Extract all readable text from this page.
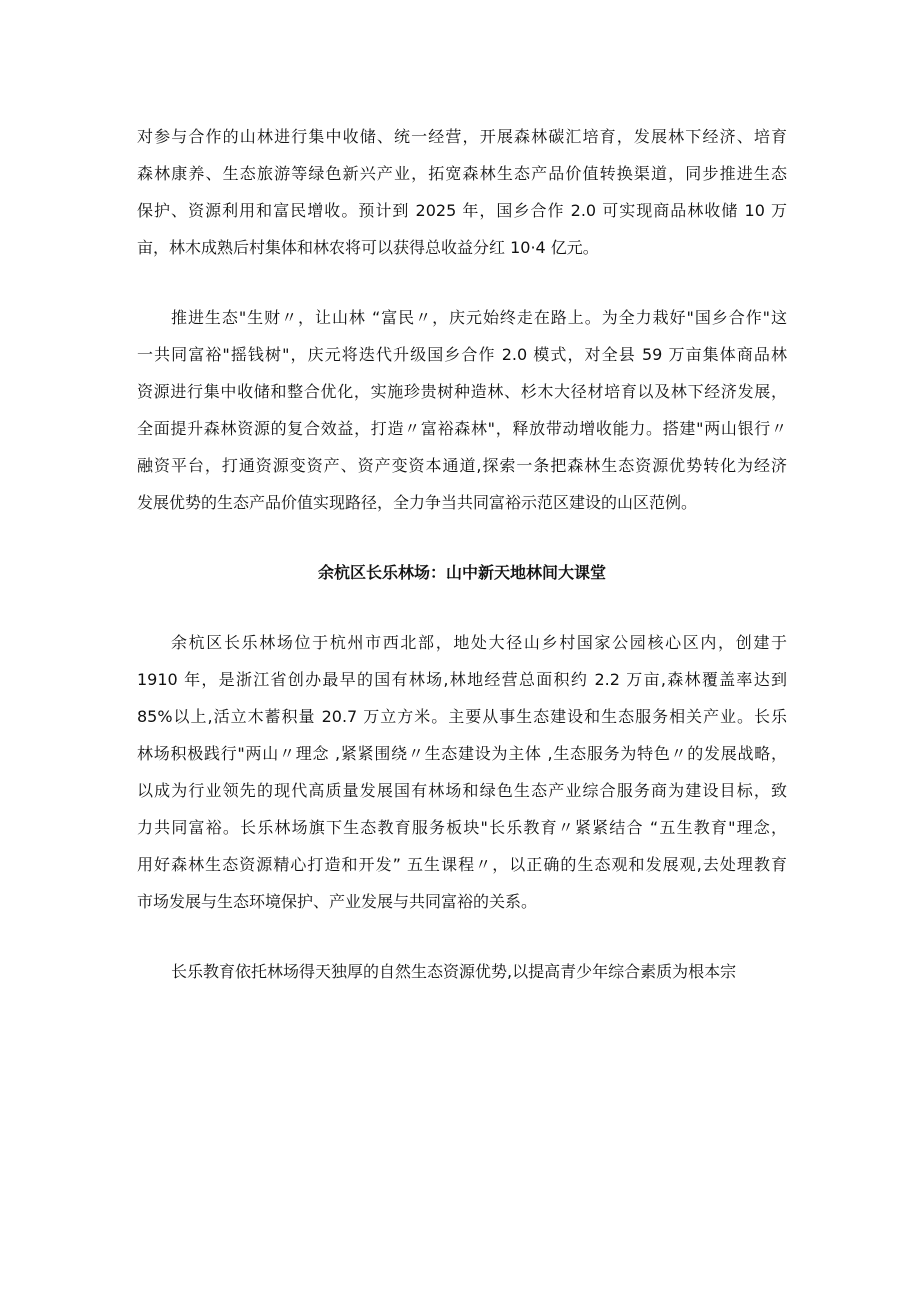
对参与合作的山林进行集中收储、统一经营，开展森林碳汇培育，发展林下经济、培育
森林康养、生态旅游等绿色新兴产业，拓宽森林生态产品价值转换渠道，同步推进生态
保护、资源利用和富民增收。预计到 2025 年，国乡合作 2.0 可实现商品林收储 10 万
亩，林木成熟后村集体和林农将可以获得总收益分红 10·4 亿元。

推进生态"生财〃，让山林 “富民〃，庆元始终走在路上。为全力栽好"国乡合作"这
一共同富裕"摇钱树"，庆元将迭代升级国乡合作 2.0 模式，对全县 59 万亩集体商品林
资源进行集中收储和整合优化，实施珍贵树种造林、杉木大径材培育以及林下经济发展，
全面提升森林资源的复合效益，打造〃富裕森林"，释放带动增收能力。搭建"两山银行〃
融资平台，打通资源变资产、资产变资本通道,探索一条把森林生态资源优势转化为经济
发展优势的生态产品价值实现路径，全力争当共同富裕示范区建设的山区范例。

余杭区长乐林场：山中新天地林间大课堂

余杭区长乐林场位于杭州市西北部，地处大径山乡村国家公园核心区内，创建于
1910 年，是浙江省创办最早的国有林场,林地经营总面积约 2.2 万亩,森林覆盖率达到
85%以上,活立木蓄积量 20.7 万立方米。主要从事生态建设和生态服务相关产业。长乐
林场积极践行"两山〃理念 ,紧紧围绕〃生态建设为主体 ,生态服务为特色〃的发展战略，
以成为行业领先的现代高质量发展国有林场和绿色生态产业综合服务商为建设目标，致
力共同富裕。长乐林场旗下生态教育服务板块"长乐教育〃紧紧结合 “五生教育"理念，
用好森林生态资源精心打造和开发” 五生课程〃，以正确的生态观和发展观,去处理教育
市场发展与生态环境保护、产业发展与共同富裕的关系。

长乐教育依托林场得天独厚的自然生态资源优势,以提高青少年综合素质为根本宗
